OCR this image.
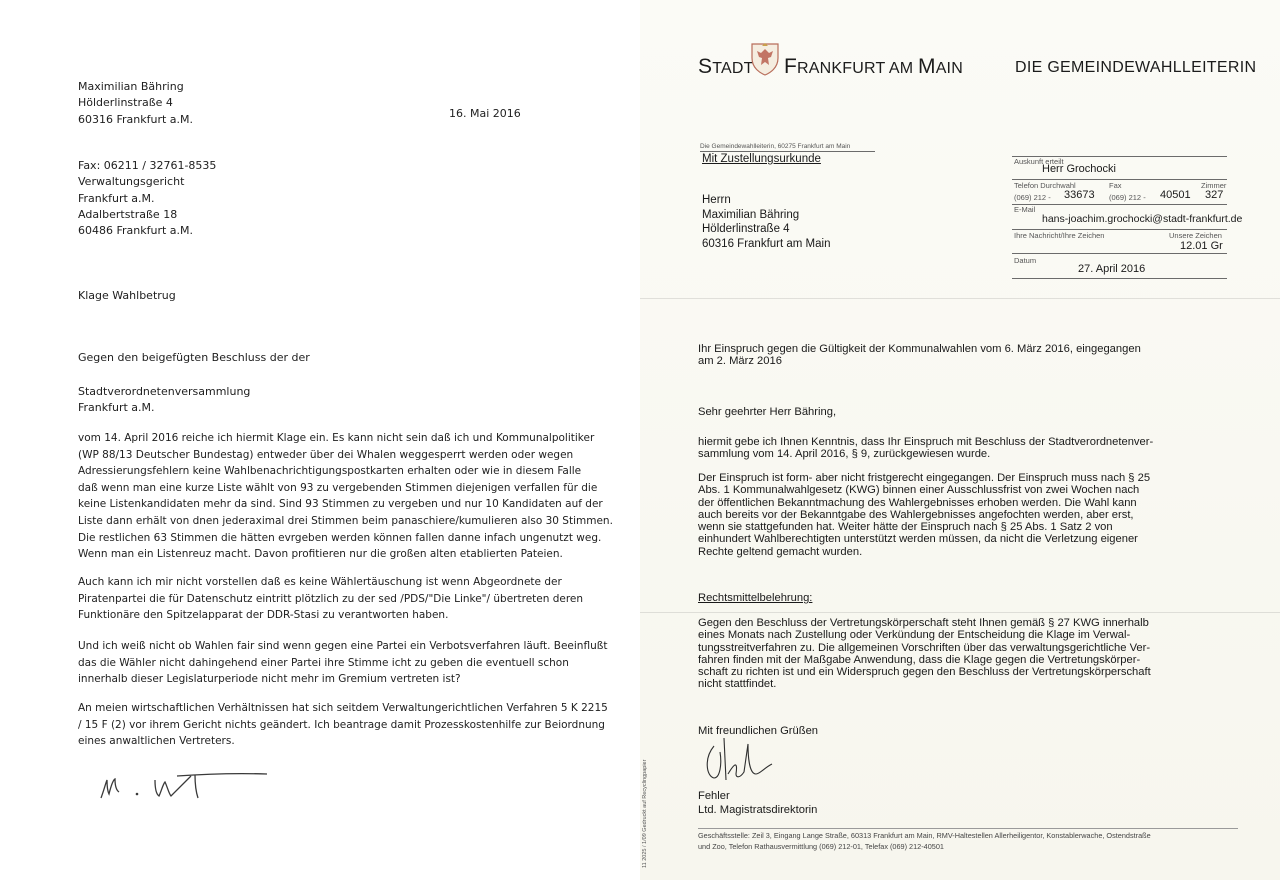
Maximilian Bähring
Hölderlinstraße 4
60316 Frankfurt a.M.	16. Mai 2016
Fax: 06211 / 32761-8535
Verwaltungsgericht
Frankfurt a.M.
Adalbertstraße 18
60486 Frankfurt a.M.
Klage Wahlbetrug
Gegen den beigefügten Beschluss der der
Stadtverordnetenversammlung
Frankfurt a.M.
vom 14. April 2016 reiche ich hiermit Klage ein. Es kann nicht sein daß ich und Kommunalpolitiker
(WP 88/13 Deutscher Bundestag) entweder über dei Whalen weggesperrt werden oder wegen
Adressierungsfehlern keine Wahlbenachrichtigungspostkarten erhalten oder wie in diesem Falle
daß wenn man eine kurze Liste wählt von 93 zu vergebenden Stimmen diejenigen verfallen für die
keine Listenkandidaten mehr da sind. Sind 93 Stimmen zu vergeben und nur 10 Kandidaten auf der
Liste dann erhält von dnen jederaximal drei Stimmen beim panaschiere/kumulieren also 30 Stimmen.
Die restlichen 63 Stimmen die hätten evrgeben werden können fallen danne infach ungenutzt weg.
Wenn man ein Listenreuz macht. Davon profitieren nur die großen alten etablierten Pateien.
Auch kann ich mir nicht vorstellen daß es keine Wählertäuschung ist wenn Abgeordnete der
Piratenpartei die für Datenschutz eintritt plötzlich zu der sed /PDS/"Die Linke"/ übertreten deren
Funktionäre den Spitzelapparat der DDR-Stasi zu verantworten haben.
Und ich weiß nicht ob Wahlen fair sind wenn gegen eine Partei ein Verbotsverfahren läuft. Beeinflußt
das die Wähler nicht dahingehend einer Partei ihre Stimme icht zu geben die eventuell schon
innerhalb dieser Legislaturperiode nicht mehr im Gremium vertreten ist?
An meien wirtschaftlichen Verhältnissen hat sich seitdem Verwaltungerichtlichen Verfahren 5 K 2215
/ 15 F (2) vor ihrem Gericht nichts geändert. Ich beantrage damit Prozesskostenhilfe zur Beiordnung
eines anwaltlichen Vertreters.
STADT FRANKFURT AM MAIN	DIE GEMEINDEWAHLLEITERIN
Die Gemeindewahlleiterin, 60275 Frankfurt am Main
Mit Zustellungsurkunde
Herrn
Maximilian Bähring
Hölderlinstraße 4
60316 Frankfurt am Main
Auskunft erteilt
Herr Grochocki
Telefon Durchwahl
(069) 212 - 33673
Fax
(069) 212 - 40501
Zimmer
327
E-Mail
hans-joachim.grochocki@stadt-frankfurt.de
Ihre Nachricht/Ihre Zeichen	Unsere Zeichen
12.01 Gr
Datum
27. April 2016
Ihr Einspruch gegen die Gültigkeit der Kommunalwahlen vom 6. März 2016, eingegangen
am 2. März 2016
Sehr geehrter Herr Bähring,
hiermit gebe ich Ihnen Kenntnis, dass Ihr Einspruch mit Beschluss der Stadtverordnetenver-
sammlung vom 14. April 2016, § 9, zurückgewiesen wurde.
Der Einspruch ist form- aber nicht fristgerecht eingegangen. Der Einspruch muss nach § 25
Abs. 1 Kommunalwahlgesetz (KWG) binnen einer Ausschlussfrist von zwei Wochen nach
der öffentlichen Bekanntmachung des Wahlergebnisses erhoben werden. Die Wahl kann
auch bereits vor der Bekanntgabe des Wahlergebnisses angefochten werden, aber erst,
wenn sie stattgefunden hat. Weiter hätte der Einspruch nach § 25 Abs. 1 Satz 2 von
einhundert Wahlberechtigten unterstützt werden müssen, da nicht die Verletzung eigener
Rechte geltend gemacht wurden.
Rechtsmittelbelehrung:
Gegen den Beschluss der Vertretungskörperschaft steht Ihnen gemäß § 27 KWG innerhalb
eines Monats nach Zustellung oder Verkündung der Entscheidung die Klage im Verwal-
tungsstreitverfahren zu. Die allgemeinen Vorschriften über das verwaltungsgerichtliche Ver-
fahren finden mit der Maßgabe Anwendung, dass die Klage gegen die Vertretungskörper-
schaft zu richten ist und ein Widerspruch gegen den Beschluss der Vertretungskörperschaft
nicht stattfindet.
Mit freundlichen Grüßen
Fehler
Ltd. Magistratsdirektorin
11 2025 / 1/09 Gedruckt auf Recyclingpapier	Geschäftsstelle: Zeil 3, Eingang Lange Straße, 60313 Frankfurt am Main, RMV-Haltestellen Allerheiligentor, Konstablerwache, Ostendstraße
und Zoo, Telefon Rathausvermittlung (069) 212-01, Telefax (069) 212-40501
